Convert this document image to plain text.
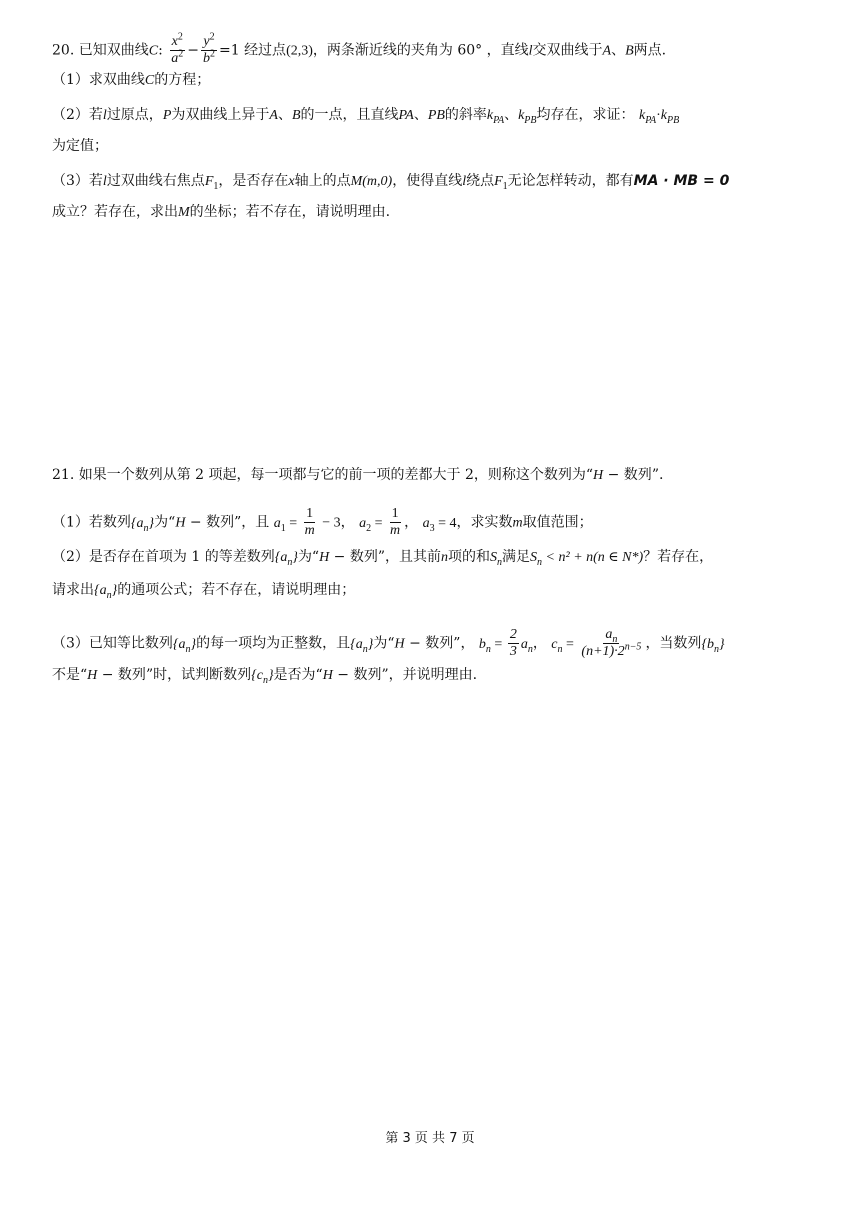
20. 已知双曲线C: $\frac{x^2}{a^2} - \frac{y^2}{b^2} =1$ 经过点(2,3)，两条渐近线的夹角为 60° ，直线l交双曲线于A、B两点.
（1）求双曲线C的方程；
（2）若l过原点，P为双曲线上异于A、B的一点，且直线PA、PB的斜率$k_{PA}$、$k_{PB}$均存在，求证： $k_{PA}\cdot k_{PB}$
为定值；
（3）若l过双曲线右焦点$F_1$，是否存在x轴上的点M(m,0)，使得直线l绕点$F_1$无论怎样转动，都有MA · MB = 0
成立？若存在，求出M的坐标；若不存在，请说明理由.
21. 如果一个数列从第 2 项起，每一项都与它的前一项的差都大于 2，则称这个数列为“H − 数列”.
（1）若数列$\{a_n\}$为“H − 数列”，且 $a_1 = \frac{1}{m} - 3$， $a_2 = \frac{1}{m}$ ， $a_3 = 4$，求实数m取值范围；
（2）是否存在首项为 1 的等差数列$\{a_n\}$为“H − 数列”，且其前n项的和$S_n$满足$S_n < n^2 + n(n$ ∈ N*)？若存在，
请求出$\{a_n\}$的通项公式；若不存在，请说明理由；
（3）已知等比数列$\{a_n\}$的每一项均为正整数，且$\{a_n\}$为“H − 数列”， $b_n = \frac{2}{3} a_n$， $c_n = \frac{a_n}{(n+1)\cdot 2^{n-5}}$ ，当数列$\{b_n\}$
不是“H − 数列”时，试判断数列$\{c_n\}$是否为“H − 数列”，并说明理由.
第 3 页 共 7 页
